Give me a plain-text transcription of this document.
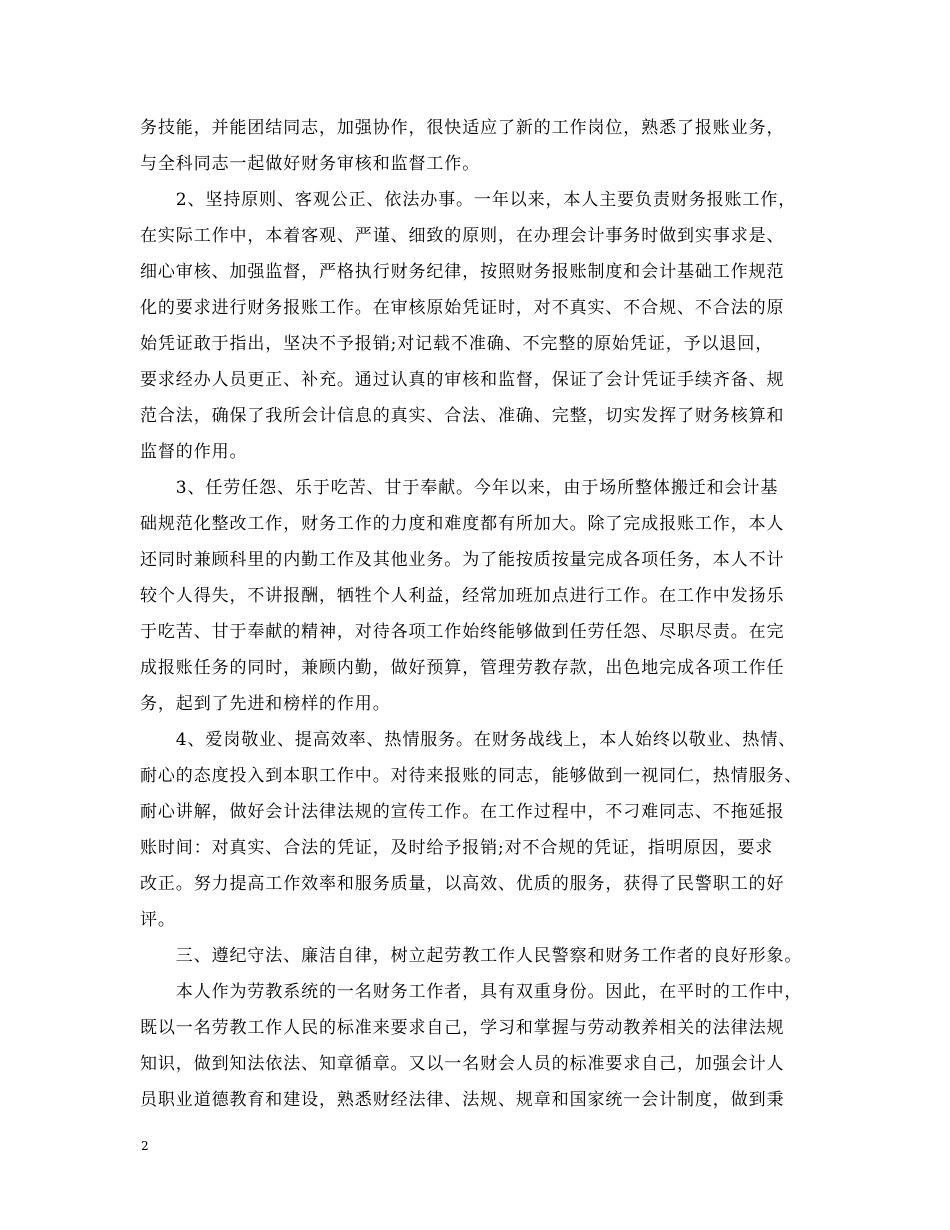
务技能，并能团结同志，加强协作，很快适应了新的工作岗位，熟悉了报账业务，
与全科同志一起做好财务审核和监督工作。
　　2、坚持原则、客观公正、依法办事。一年以来，本人主要负责财务报账工作，
在实际工作中，本着客观、严谨、细致的原则，在办理会计事务时做到实事求是、
细心审核、加强监督，严格执行财务纪律，按照财务报账制度和会计基础工作规范
化的要求进行财务报账工作。在审核原始凭证时，对不真实、不合规、不合法的原
始凭证敢于指出，坚决不予报销;对记载不准确、不完整的原始凭证，予以退回，
要求经办人员更正、补充。通过认真的审核和监督，保证了会计凭证手续齐备、规
范合法，确保了我所会计信息的真实、合法、准确、完整，切实发挥了财务核算和
监督的作用。
　　3、任劳任怨、乐于吃苦、甘于奉献。今年以来，由于场所整体搬迁和会计基
础规范化整改工作，财务工作的力度和难度都有所加大。除了完成报账工作，本人
还同时兼顾科里的内勤工作及其他业务。为了能按质按量完成各项任务，本人不计
较个人得失，不讲报酬，牺牲个人利益，经常加班加点进行工作。在工作中发扬乐
于吃苦、甘于奉献的精神，对待各项工作始终能够做到任劳任怨、尽职尽责。在完
成报账任务的同时，兼顾内勤，做好预算，管理劳教存款，出色地完成各项工作任
务，起到了先进和榜样的作用。
　　4、爱岗敬业、提高效率、热情服务。在财务战线上，本人始终以敬业、热情、
耐心的态度投入到本职工作中。对待来报账的同志，能够做到一视同仁，热情服务、
耐心讲解，做好会计法律法规的宣传工作。在工作过程中，不刁难同志、不拖延报
账时间：对真实、合法的凭证，及时给予报销;对不合规的凭证，指明原因，要求
改正。努力提高工作效率和服务质量，以高效、优质的服务，获得了民警职工的好
评。
　　三、遵纪守法、廉洁自律，树立起劳教工作人民警察和财务工作者的良好形象。
　　本人作为劳教系统的一名财务工作者，具有双重身份。因此，在平时的工作中，
既以一名劳教工作人民的标准来要求自己，学习和掌握与劳动教养相关的法律法规
知识，做到知法依法、知章循章。又以一名财会人员的标准要求自己，加强会计人
员职业道德教育和建设，熟悉财经法律、法规、规章和国家统一会计制度，做到秉
2
